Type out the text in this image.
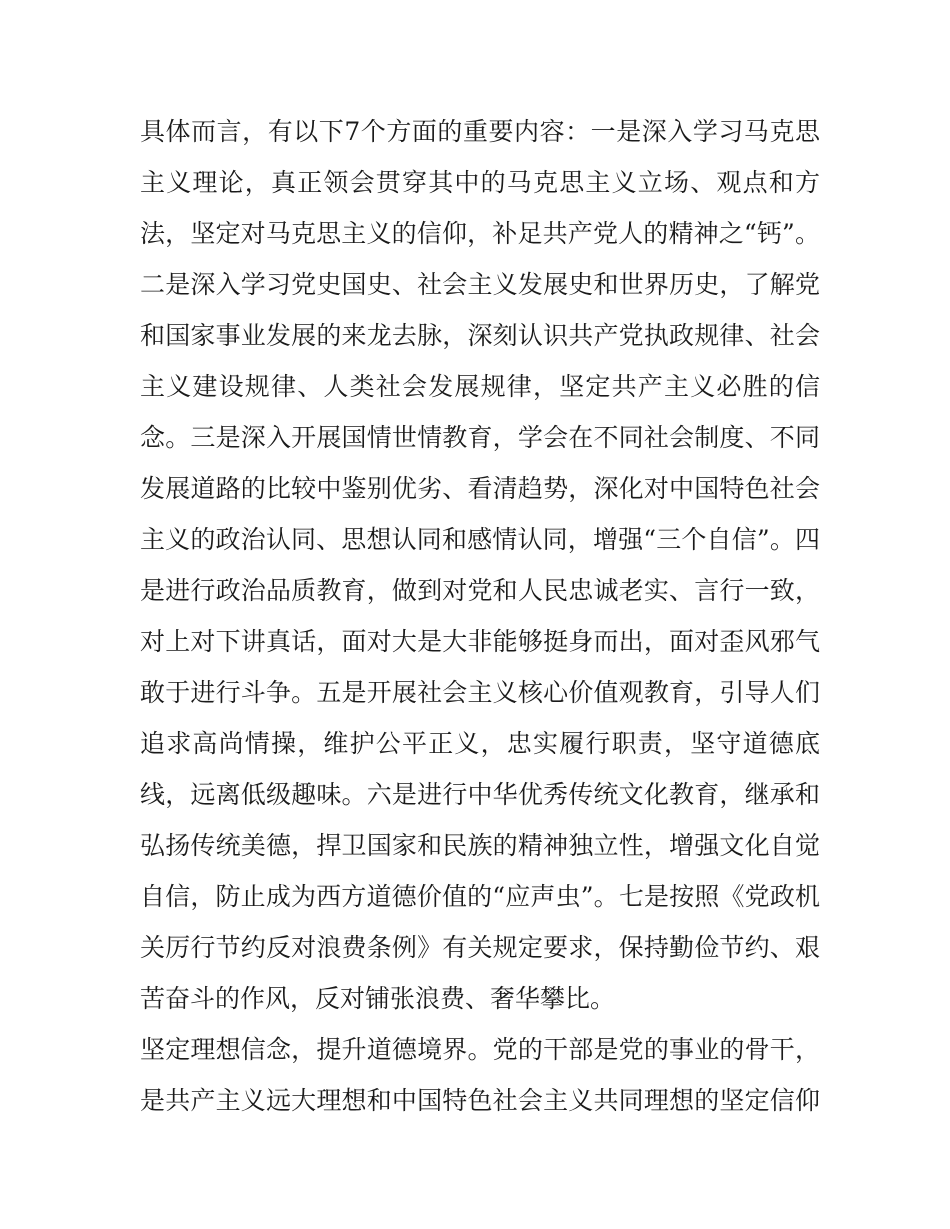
具体而言，有以下7个方面的重要内容：一是深入学习马克思
主义理论，真正领会贯穿其中的马克思主义立场、观点和方
法，坚定对马克思主义的信仰，补足共产党人的精神之“钙”。
二是深入学习党史国史、社会主义发展史和世界历史，了解党
和国家事业发展的来龙去脉，深刻认识共产党执政规律、社会
主义建设规律、人类社会发展规律，坚定共产主义必胜的信
念。三是深入开展国情世情教育，学会在不同社会制度、不同
发展道路的比较中鉴别优劣、看清趋势，深化对中国特色社会
主义的政治认同、思想认同和感情认同，增强“三个自信”。四
是进行政治品质教育，做到对党和人民忠诚老实、言行一致，
对上对下讲真话，面对大是大非能够挺身而出，面对歪风邪气
敢于进行斗争。五是开展社会主义核心价值观教育，引导人们
追求高尚情操，维护公平正义，忠实履行职责，坚守道德底
线，远离低级趣味。六是进行中华优秀传统文化教育，继承和
弘扬传统美德，捍卫国家和民族的精神独立性，增强文化自觉
自信，防止成为西方道德价值的“应声虫”。七是按照《党政机
关厉行节约反对浪费条例》有关规定要求，保持勤俭节约、艰
苦奋斗的作风，反对铺张浪费、奢华攀比。
坚定理想信念，提升道德境界。党的干部是党的事业的骨干，
是共产主义远大理想和中国特色社会主义共同理想的坚定信仰
